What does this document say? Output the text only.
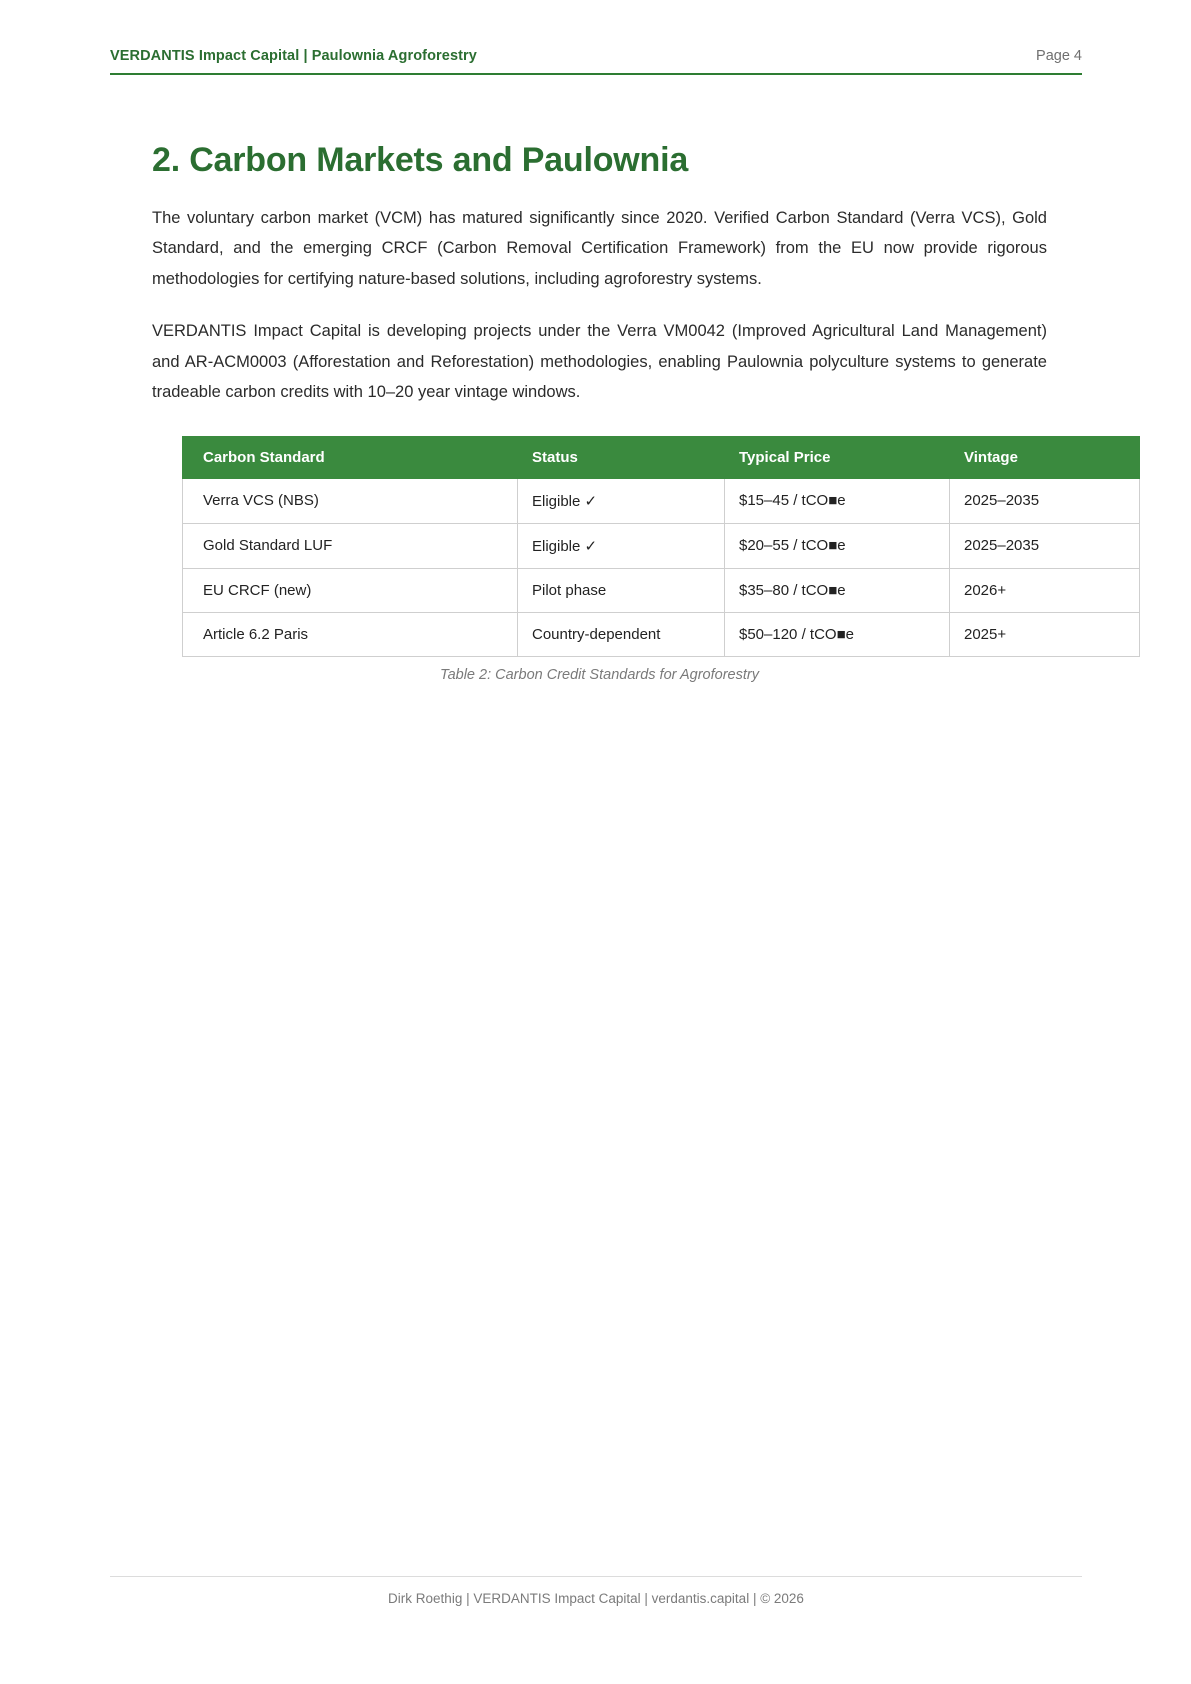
VERDANTIS Impact Capital | Paulownia Agroforestry	Page 4
2. Carbon Markets and Paulownia

The voluntary carbon market (VCM) has matured significantly since 2020. Verified Carbon Standard (Verra VCS), Gold Standard, and the emerging CRCF (Carbon Removal Certification Framework) from the EU now provide rigorous methodologies for certifying nature-based solutions, including agroforestry systems.

VERDANTIS Impact Capital is developing projects under the Verra VM0042 (Improved Agricultural Land Management) and AR-ACM0003 (Afforestation and Reforestation) methodologies, enabling Paulownia polyculture systems to generate tradeable carbon credits with 10–20 year vintage windows.

Carbon Standard	Status	Typical Price	Vintage
Verra VCS (NBS)	Eligible ✓	$15–45 / tCO■e	2025–2035
Gold Standard LUF	Eligible ✓	$20–55 / tCO■e	2025–2035
EU CRCF (new)	Pilot phase	$35–80 / tCO■e	2026+
Article 6.2 Paris	Country-dependent	$50–120 / tCO■e	2025+
Table 2: Carbon Credit Standards for Agroforestry
Dirk Roethig | VERDANTIS Impact Capital | verdantis.capital | © 2026
